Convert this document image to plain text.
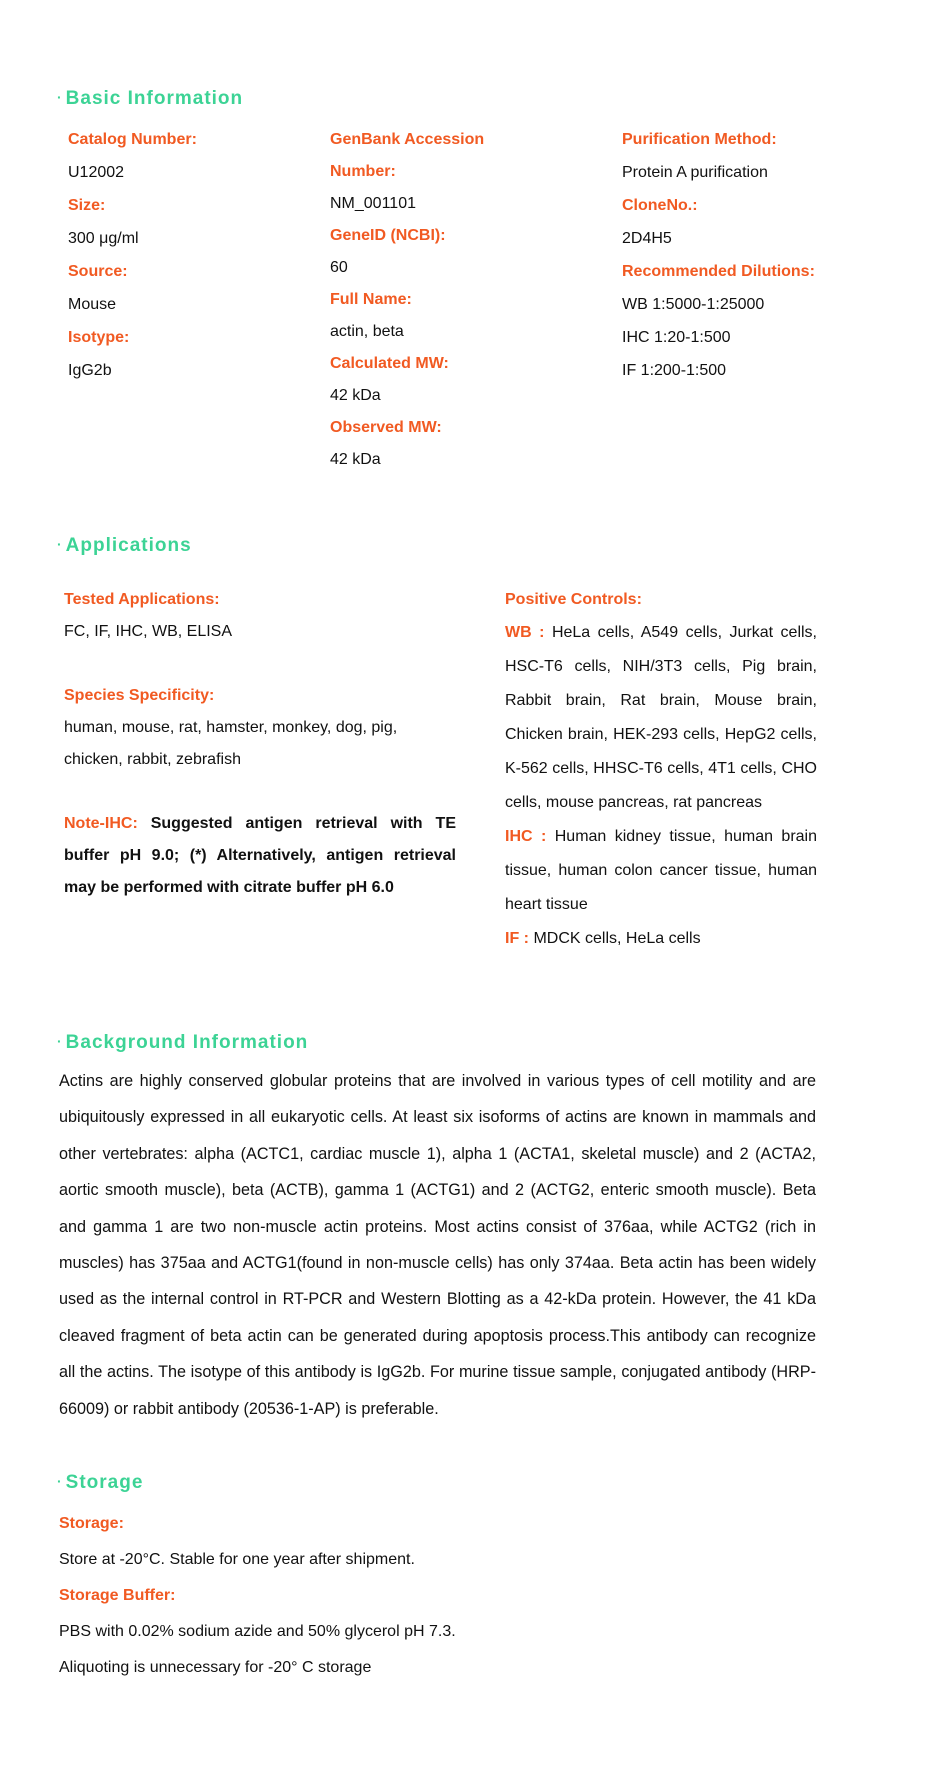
· Basic Information
Catalog Number:
U12002
Size:
300 μg/ml
Source:
Mouse
Isotype:
IgG2b
GenBank Accession Number:
NM_001101
GeneID (NCBI):
60
Full Name:
actin, beta
Calculated MW:
42 kDa
Observed MW:
42 kDa
Purification Method:
Protein A purification
CloneNo.:
2D4H5
Recommended Dilutions:
WB 1:5000-1:25000
IHC 1:20-1:500
IF 1:200-1:500
· Applications
Tested Applications:
FC, IF, IHC, WB, ELISA
Species Specificity:
human, mouse, rat, hamster, monkey, dog, pig, chicken, rabbit, zebrafish
Note-IHC: Suggested antigen retrieval with TE buffer pH 9.0; (*) Alternatively, antigen retrieval may be performed with citrate buffer pH 6.0
Positive Controls:

WB : HeLa cells, A549 cells, Jurkat cells, HSC-T6 cells, NIH/3T3 cells, Pig brain, Rabbit brain, Rat brain, Mouse brain, Chicken brain, HEK-293 cells, HepG2 cells, K-562 cells, HHSC-T6 cells, 4T1 cells, CHO cells, mouse pancreas, rat pancreas

IHC : Human kidney tissue, human brain tissue, human colon cancer tissue, human heart tissue

IF : MDCK cells, HeLa cells

· Background Information

Actins are highly conserved globular proteins that are involved in various types of cell motility and are ubiquitously expressed in all eukaryotic cells. At least six isoforms of actins are known in mammals and other vertebrates: alpha (ACTC1, cardiac muscle 1), alpha 1 (ACTA1, skeletal muscle) and 2 (ACTA2, aortic smooth muscle), beta (ACTB), gamma 1 (ACTG1) and 2 (ACTG2, enteric smooth muscle). Beta and gamma 1 are two non-muscle actin proteins. Most actins consist of 376aa, while ACTG2 (rich in muscles) has 375aa and ACTG1(found in non-muscle cells) has only 374aa. Beta actin has been widely used as the internal control in RT-PCR and Western Blotting as a 42-kDa protein. However, the 41 kDa cleaved fragment of beta actin can be generated during apoptosis process.This antibody can recognize all the actins. The isotype of this antibody is IgG2b. For murine tissue sample, conjugated antibody (HRP-66009) or rabbit antibody (20536-1-AP) is preferable.

· Storage
Storage:
Store at -20°C. Stable for one year after shipment.
Storage Buffer:
PBS with 0.02% sodium azide and 50% glycerol pH 7.3.
Aliquoting is unnecessary for -20° C storage
